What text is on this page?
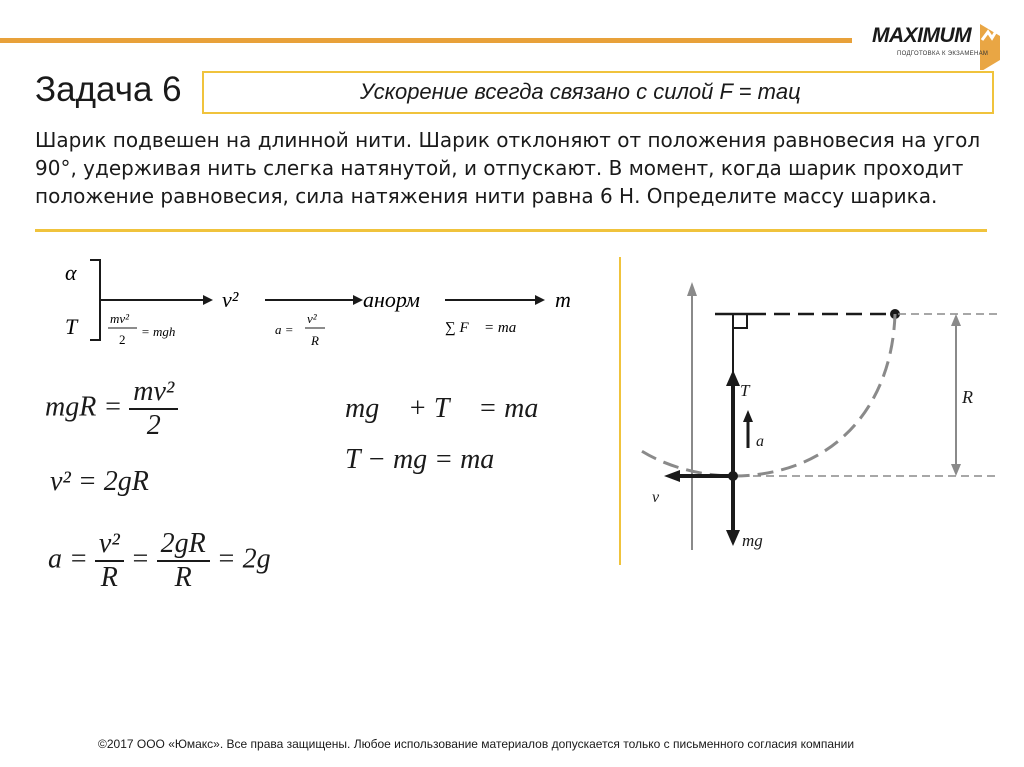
MAXIMUM
ПОДГОТОВКА К ЭКЗАМЕНАМ
Задача 6	Ускорение всегда связано с силой F = maц
Шарик подвешен на длинной нити. Шарик отклоняют от положения равновесия на угол 90°, удерживая нить слегка натянутой, и отпускают. В момент, когда шарик проходит положение равновесия, сила натяжения нити равна 6 Н. Определите массу шарика.
α
T	mv²
2
= mgh
v²
a =
v²
R
aнорм
∑ F⃗ = ma⃗
m
mgR = $\frac{\text{mv²}}{2}$
v² = 2gR
$a = \frac{\text{v²}}{R} = \frac{2gR}{R} = 2g$
mg⃗ + T⃗ = ma⃗
T − mg = ma
R
T⃗
a⃗
v⃗
mg⃗
©2017 ООО «Юмакс». Все права защищены. Любое использование материалов допускается только с письменного согласия компании
